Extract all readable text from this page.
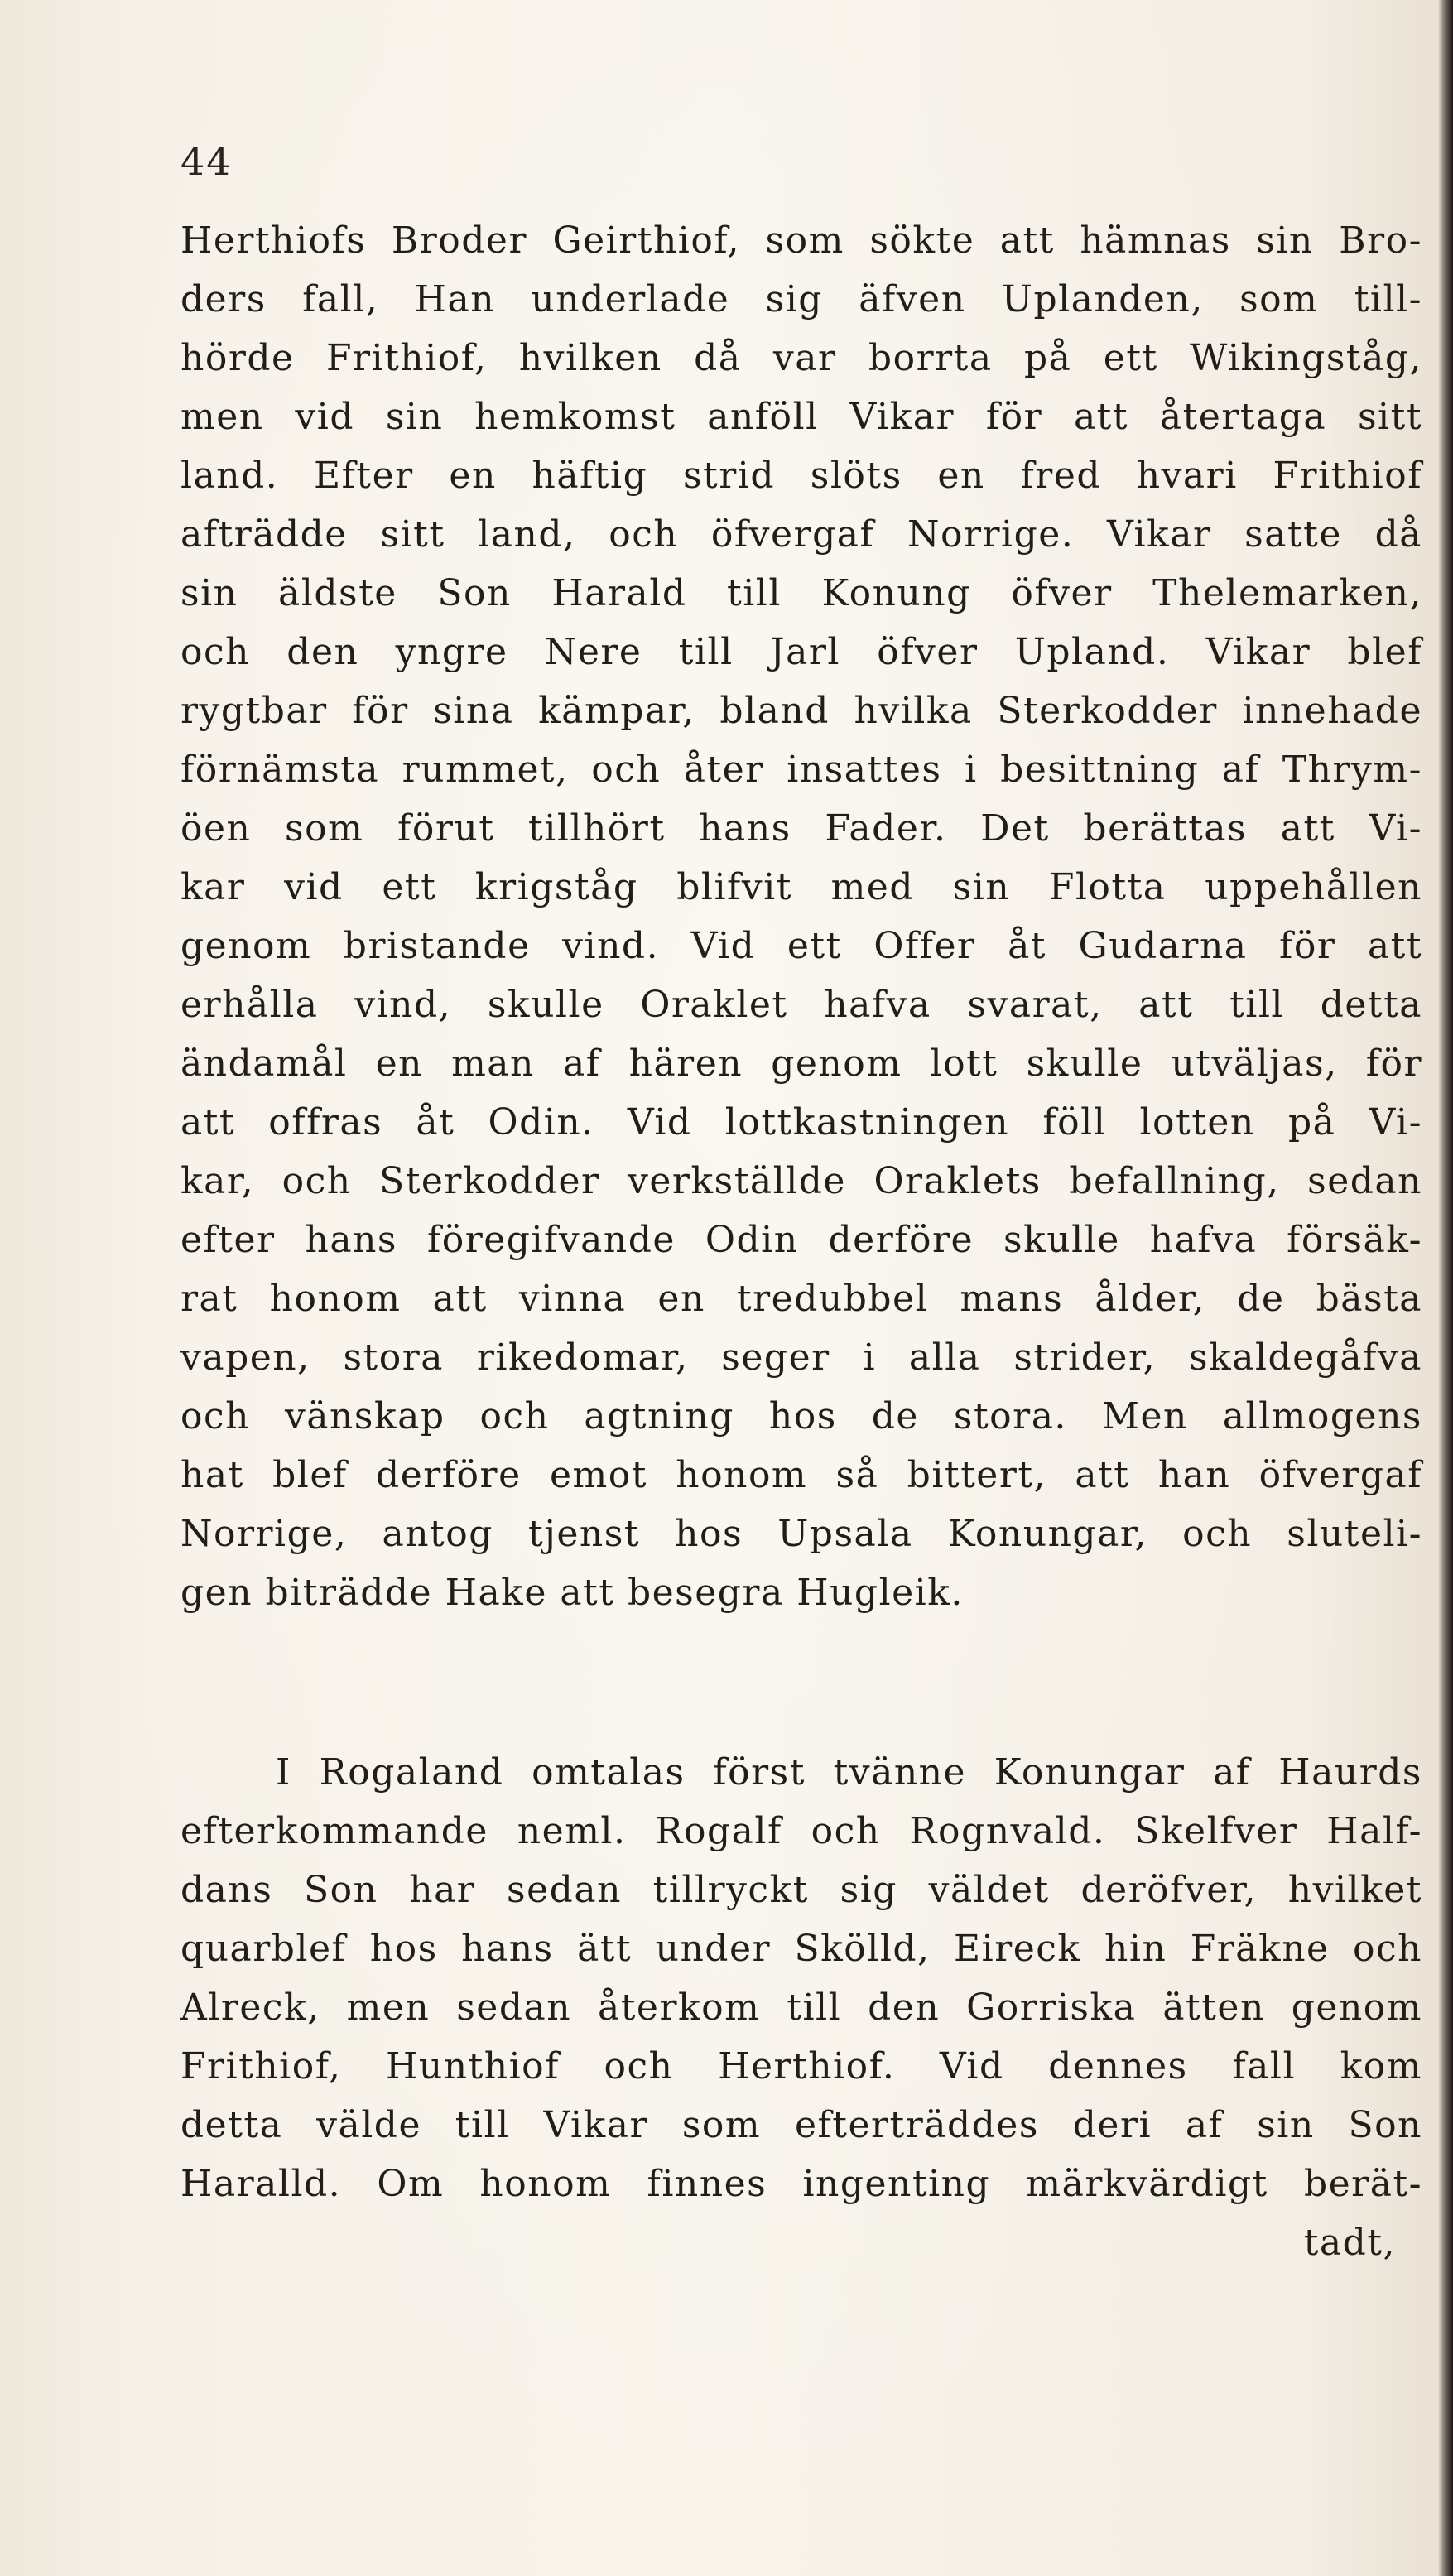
44
Herthiofs Broder Geirthiof, som sökte att hämnas sin Bro-
ders fall, Han underlade sig äfven Uplanden, som till-
hörde Frithiof, hvilken då var borrta på ett Wikingståg,
men vid sin hemkomst anföll Vikar för att återtaga sitt
land. Efter en häftig strid slöts en fred hvari Frithiof
afträdde sitt land, och öfvergaf Norrige. Vikar satte då
sin äldste Son Harald till Konung öfver Thelemarken,
och den yngre Nere till Jarl öfver Upland. Vikar blef
rygtbar för sina kämpar, bland hvilka Sterkodder innehade
förnämsta rummet, och åter insattes i besittning af Thrym-
öen som förut tillhört hans Fader. Det berättas att Vi-
kar vid ett krigståg blifvit med sin Flotta uppehållen
genom bristande vind. Vid ett Offer åt Gudarna för att
erhålla vind, skulle Oraklet hafva svarat, att till detta
ändamål en man af hären genom lott skulle utväljas, för
att offras åt Odin. Vid lottkastningen föll lotten på Vi-
kar, och Sterkodder verkställde Oraklets befallning, sedan
efter hans föregifvande Odin derföre skulle hafva försäk-
rat honom att vinna en tredubbel mans ålder, de bästa
vapen, stora rikedomar, seger i alla strider, skaldegåfva
och vänskap och agtning hos de stora. Men allmogens
hat blef derföre emot honom så bittert, att han öfvergaf
Norrige, antog tjenst hos Upsala Konungar, och sluteli-
gen biträdde Hake att besegra Hugleik.
I Rogaland omtalas först tvänne Konungar af Haurds
efterkommande neml. Rogalf och Rognvald. Skelfver Half-
dans Son har sedan tillryckt sig väldet deröfver, hvilket
quarblef hos hans ätt under Skölld, Eireck hin Fräkne och
Alreck, men sedan återkom till den Gorriska ätten genom
Frithiof, Hunthiof och Herthiof. Vid dennes fall kom
detta välde till Vikar som efterträddes deri af sin Son
Haralld. Om honom finnes ingenting märkvärdigt berät-
tadt,
